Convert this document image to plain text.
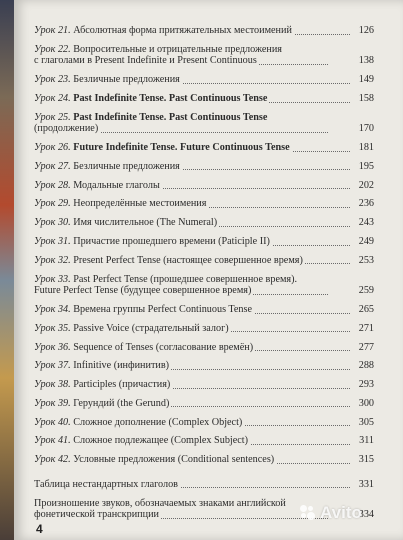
Урок 21. Абсолютная форма притяжательных местоимений	126
Урок 22. Вопросительные и отрицательные предложения
с глаголами в Present Indefinite и Present Continuous	138
Урок 23. Безличные предложения	149
Урок 24. Past Indefinite Tense. Past Continuous Tense	158
Урок 25. Past Indefinite Tense. Past Continuous Tense
(продолжение)	170
Урок 26. Future Indefinite Tense. Future Continuous Tense	181
Урок 27. Безличные предложения	195
Урок 28. Модальные глаголы	202
Урок 29. Неопределённые местоимения	236
Урок 30. Имя числительное (The Numeral)	243
Урок 31. Причастие прошедшего времени (Paticiple II)	249
Урок 32. Present Perfect Tense (настоящее совершенное время)	253
Урок 33. Past Perfect Tense (прошедшее совершенное время).
Future Perfect Tense (будущее совершенное время)	259
Урок 34. Времена группы Perfect Continuous Tense	265
Урок 35. Passive Voice (страдательный залог)	271
Урок 36. Sequence of Tenses (согласование времён)	277
Урок 37. Infinitive (инфинитив)	288
Урок 38. Participles (причастия)	293
Урок 39. Герундий (the Gerund)	300
Урок 40. Сложное дополнение (Complex Object)	305
Урок 41. Сложное подлежащее (Complex Subject)	311
Урок 42. Условные предложения (Conditional sentences)	315
Таблица нестандартных глаголов	331
Произношение звуков, обозначаемых знаками английской
фонетической транскрипции	334
4
Avito
